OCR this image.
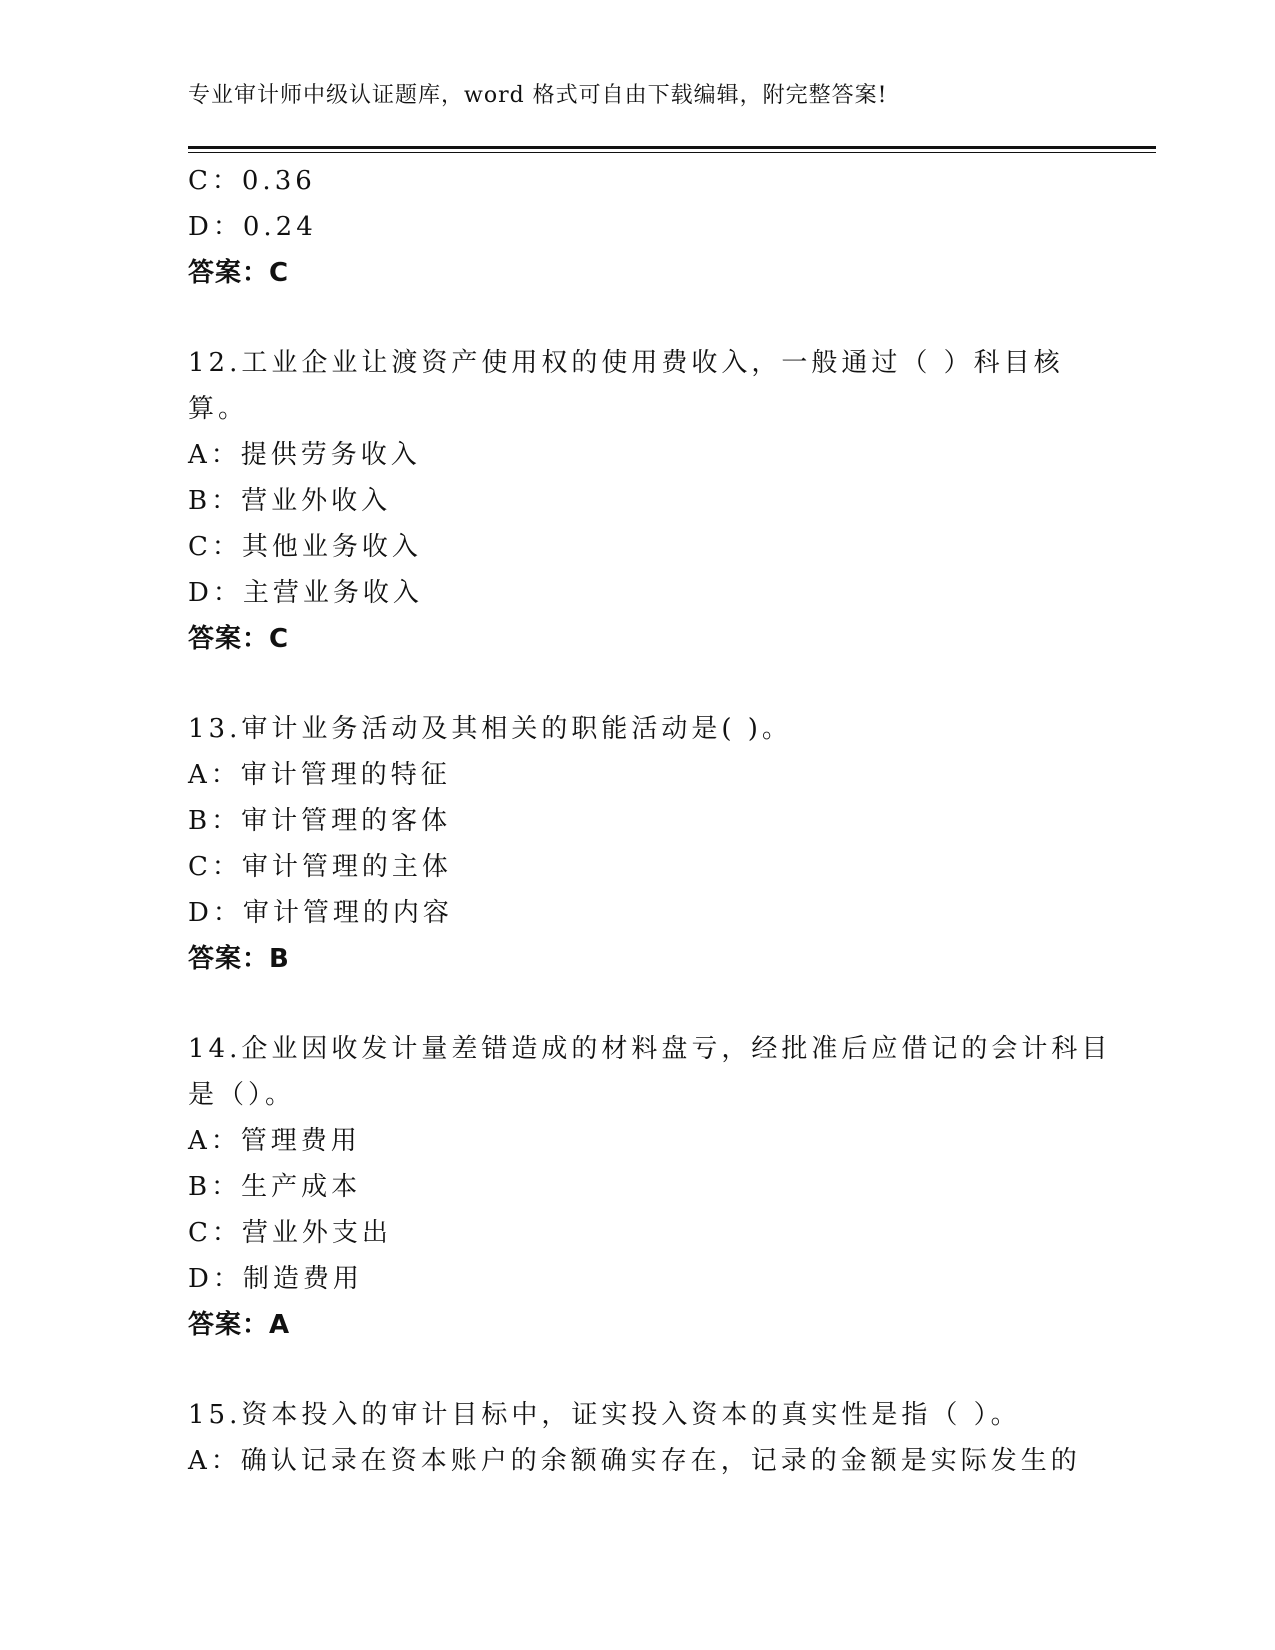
专业审计师中级认证题库，word 格式可自由下载编辑，附完整答案!
C：0.36
D：0.24
答案：C
12.工业企业让渡资产使用权的使用费收入，一般通过（ ）科目核
算。
A：提供劳务收入
B：营业外收入
C：其他业务收入
D：主营业务收入
答案：C
13.审计业务活动及其相关的职能活动是( )。
A：审计管理的特征
B：审计管理的客体
C：审计管理的主体
D：审计管理的内容
答案：B
14.企业因收发计量差错造成的材料盘亏，经批准后应借记的会计科目
是（）。
A：管理费用
B：生产成本
C：营业外支出
D：制造费用
答案：A
15.资本投入的审计目标中，证实投入资本的真实性是指（ ）。
A：确认记录在资本账户的余额确实存在，记录的金额是实际发生的
